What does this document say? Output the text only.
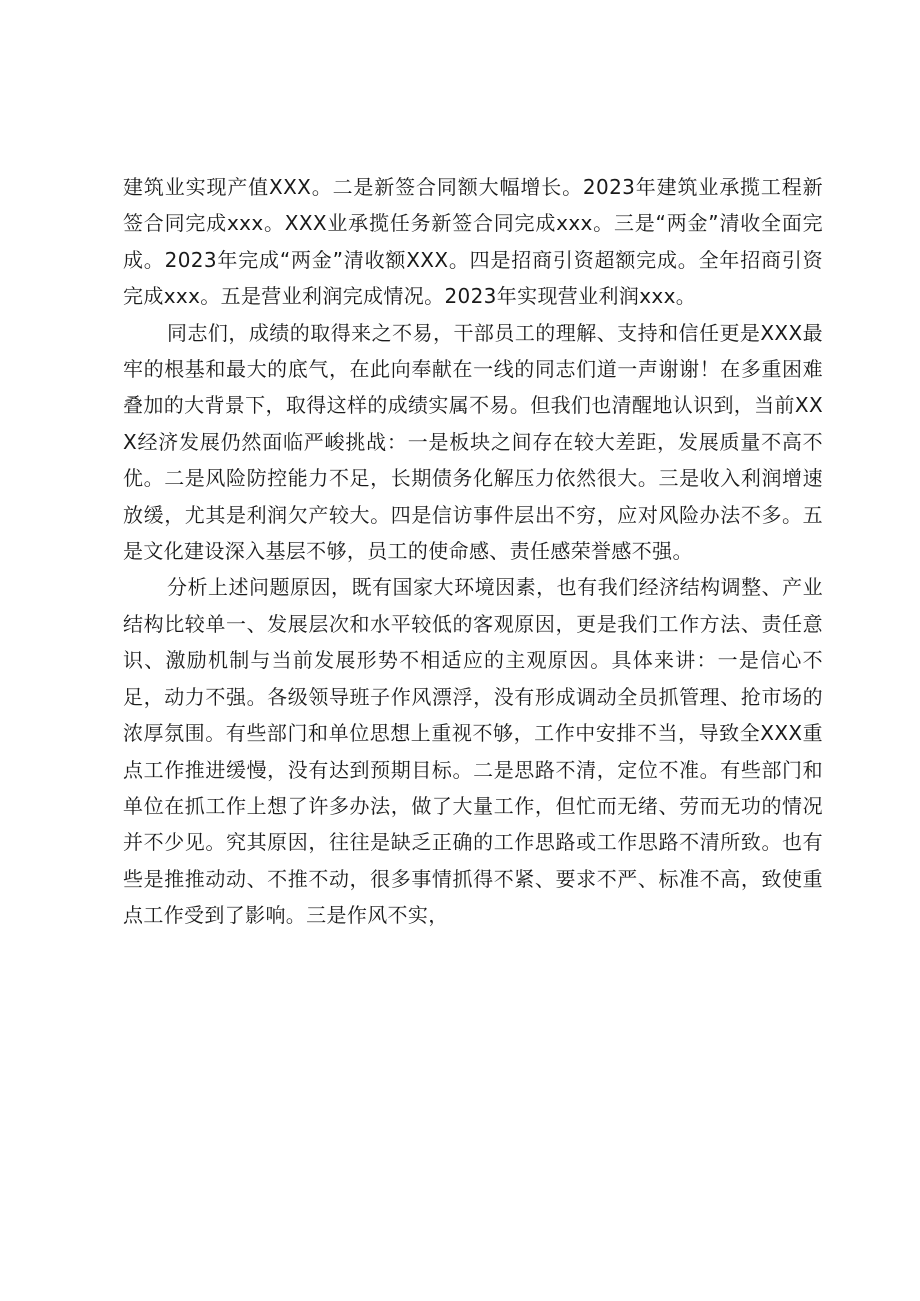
建筑业实现产值XXX。二是新签合同额大幅增长。2023年建筑业承揽工程新签合同完成xxx。XXX业承揽任务新签合同完成xxx。三是“两金”清收全面完成。2023年完成“两金”清收额XXX。四是招商引资超额完成。全年招商引资完成xxx。五是营业利润完成情况。2023年实现营业利润xxx。

同志们，成绩的取得来之不易，干部员工的理解、支持和信任更是XXX最牢的根基和最大的底气，在此向奉献在一线的同志们道一声谢谢！在多重困难叠加的大背景下，取得这样的成绩实属不易。但我们也清醒地认识到，当前XXX经济发展仍然面临严峻挑战：一是板块之间存在较大差距，发展质量不高不优。二是风险防控能力不足，长期债务化解压力依然很大。三是收入利润增速放缓，尤其是利润欠产较大。四是信访事件层出不穷，应对风险办法不多。五是文化建设深入基层不够，员工的使命感、责任感荣誉感不强。

分析上述问题原因，既有国家大环境因素，也有我们经济结构调整、产业结构比较单一、发展层次和水平较低的客观原因，更是我们工作方法、责任意识、激励机制与当前发展形势不相适应的主观原因。具体来讲：一是信心不足，动力不强。各级领导班子作风漂浮，没有形成调动全员抓管理、抢市场的浓厚氛围。有些部门和单位思想上重视不够，工作中安排不当，导致全XXX重点工作推进缓慢，没有达到预期目标。二是思路不清，定位不准。有些部门和单位在抓工作上想了许多办法，做了大量工作，但忙而无绪、劳而无功的情况并不少见。究其原因，往往是缺乏正确的工作思路或工作思路不清所致。也有些是推推动动、不推不动，很多事情抓得不紧、要求不严、标准不高，致使重点工作受到了影响。三是作风不实，
